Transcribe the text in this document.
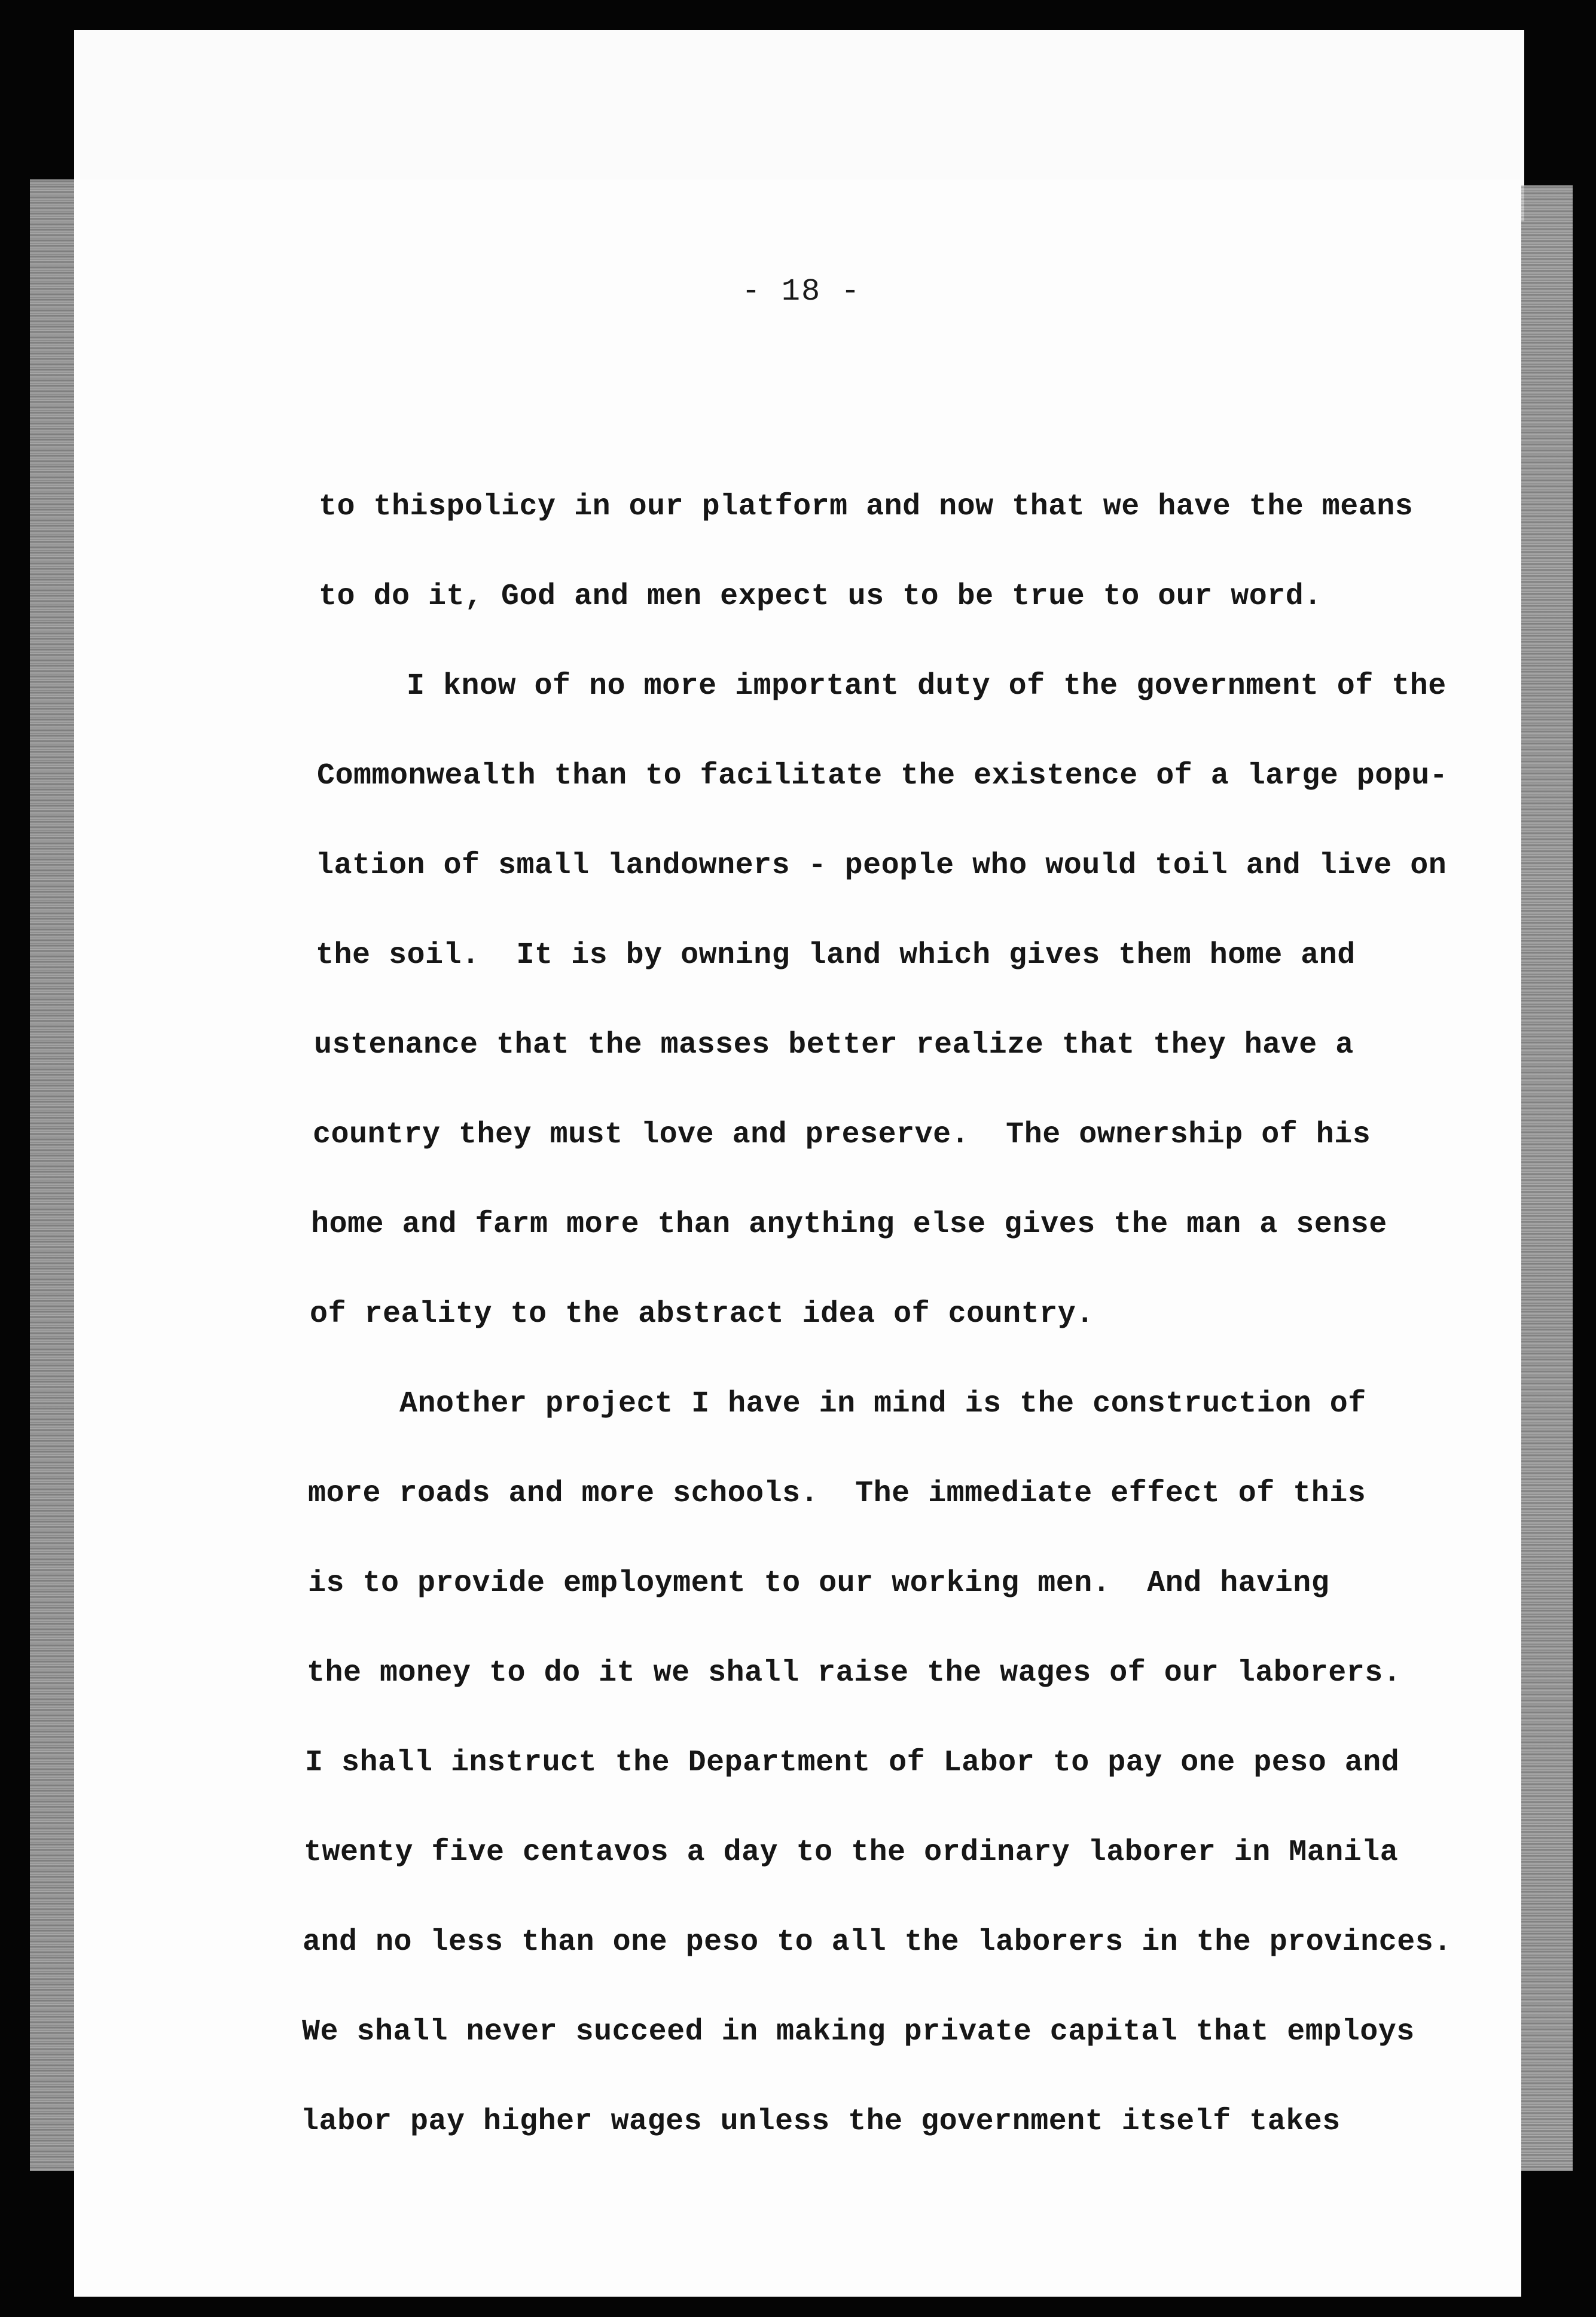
- 18 -
to thispolicy in our platform and now that we have the means
to do it, God and men expect us to be true to our word.
I know of no more important duty of the government of the
Commonwealth than to facilitate the existence of a large popu-
lation of small landowners - people who would toil and live on
the soil.  It is by owning land which gives them home and
ustenance that the masses better realize that they have a
country they must love and preserve.  The ownership of his
home and farm more than anything else gives the man a sense
of reality to the abstract idea of country.
Another project I have in mind is the construction of
more roads and more schools.  The immediate effect of this
is to provide employment to our working men.  And having
the money to do it we shall raise the wages of our laborers.
I shall instruct the Department of Labor to pay one peso and
twenty five centavos a day to the ordinary laborer in Manila
and no less than one peso to all the laborers in the provinces.
We shall never succeed in making private capital that employs
labor pay higher wages unless the government itself takes
